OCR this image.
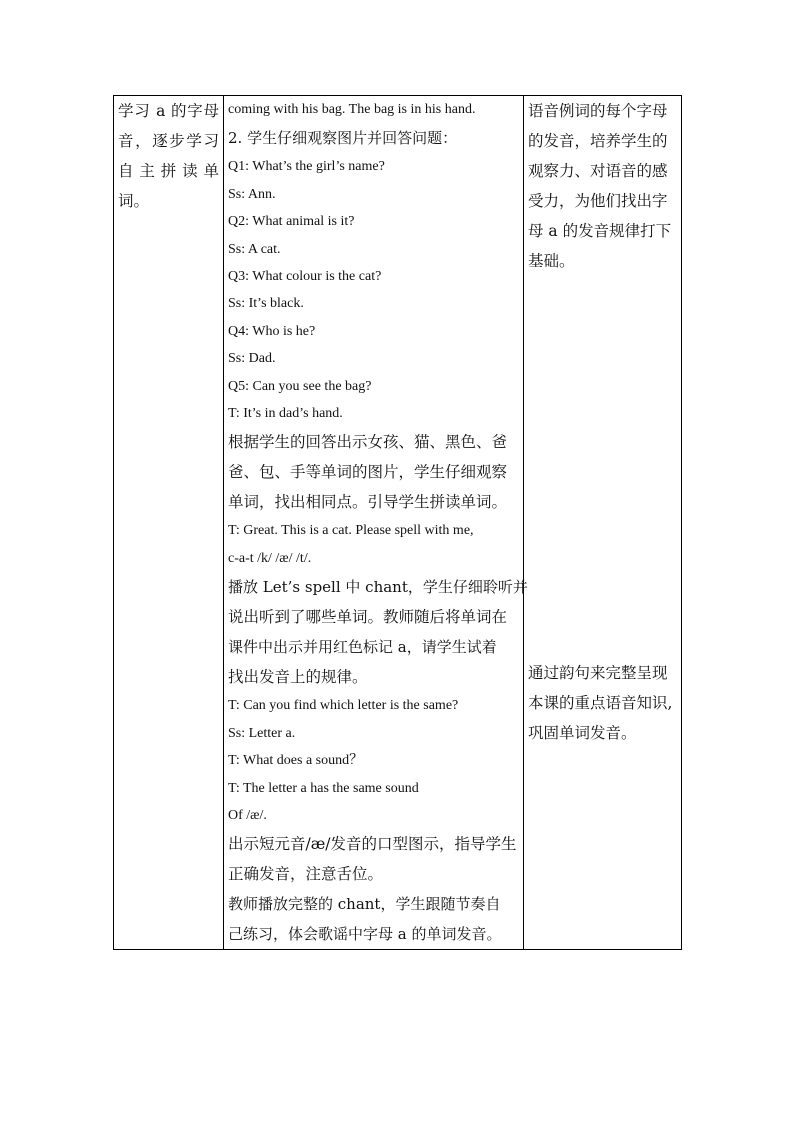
学习 a 的字母
音，逐步学习
自 主 拼 读 单
词。

coming with his bag. The bag is in his hand.
2. 学生仔细观察图片并回答问题：
Q1: What’s the girl’s name?
Ss: Ann.
Q2: What animal is it?
Ss: A cat.
Q3: What colour is the cat?
Ss: It’s black.
Q4: Who is he?
Ss: Dad.
Q5: Can you see the bag?
T: It’s in dad’s hand.
根据学生的回答出示女孩、猫、黑色、爸
爸、包、手等单词的图片，学生仔细观察
单词，找出相同点。引导学生拼读单词。
T: Great. This is a cat. Please spell with me,
c-a-t /k/ /æ/ /t/.
播放 Let’s spell 中 chant，学生仔细聆听并
说出听到了哪些单词。教师随后将单词在
课件中出示并用红色标记 a，请学生试着
找出发音上的规律。
T: Can you find which letter is the same?
Ss: Letter a.
T: What does a sound？
T: The letter a has the same sound
Of /æ/.
出示短元音/æ/发音的口型图示，指导学生
正确发音，注意舌位。
教师播放完整的 chant，学生跟随节奏自
己练习，体会歌谣中字母 a 的单词发音。

语音例词的每个字母
的发音，培养学生的
观察力、对语音的感
受力，为他们找出字
母 a 的发音规律打下
基础。
通过韵句来完整呈现
本课的重点语音知识,
巩固单词发音。
